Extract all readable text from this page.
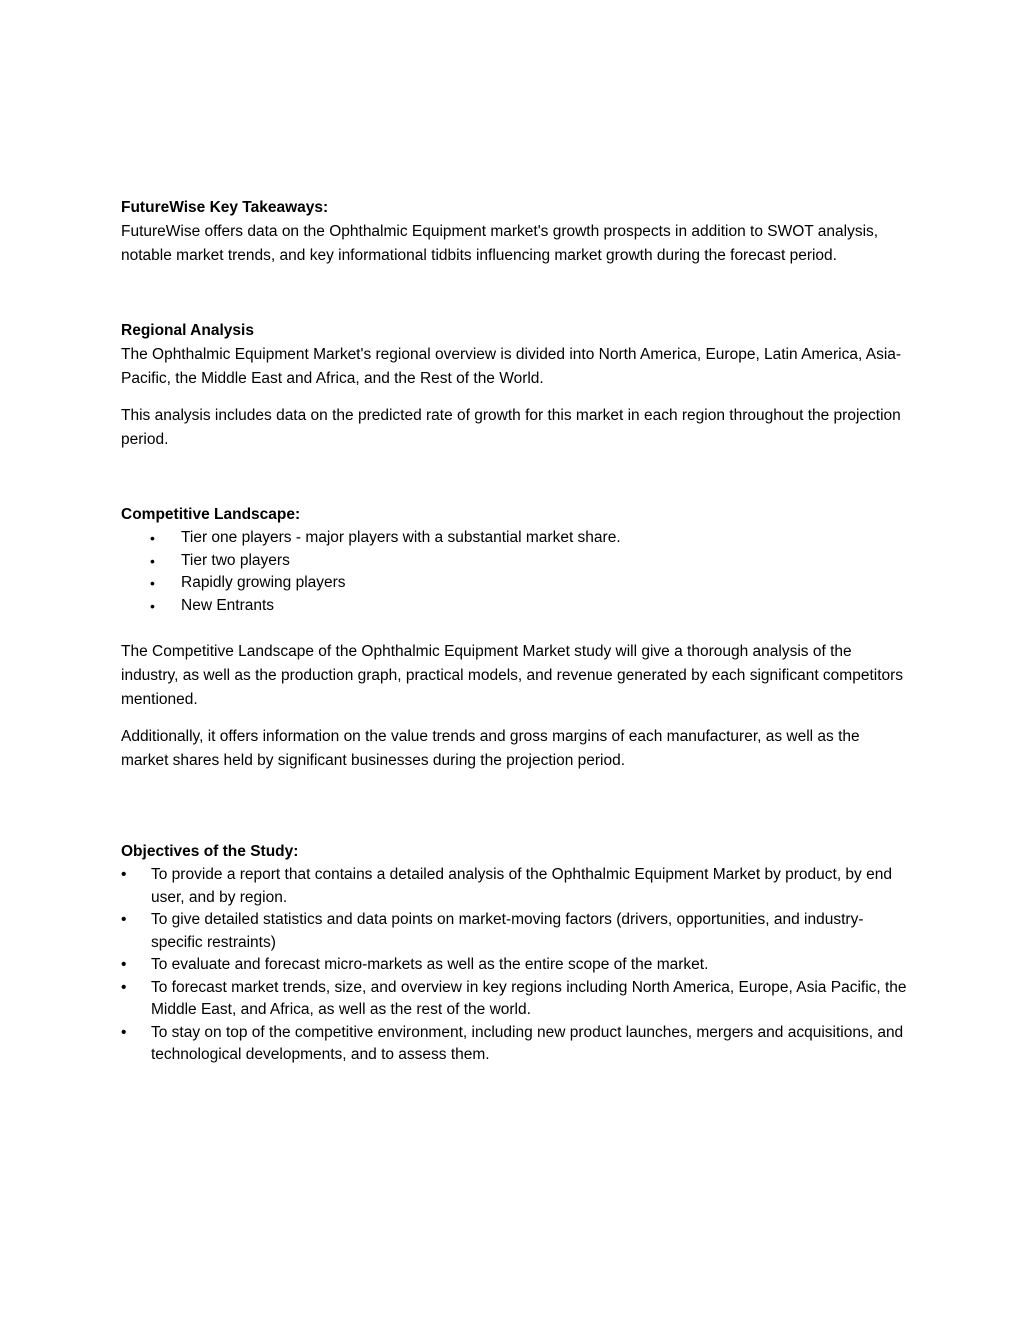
FutureWise Key Takeaways:

FutureWise offers data on the Ophthalmic Equipment market's growth prospects in addition to SWOT analysis, notable market trends, and key informational tidbits influencing market growth during the forecast period.

Regional Analysis

The Ophthalmic Equipment Market's regional overview is divided into North America, Europe, Latin America, Asia-Pacific, the Middle East and Africa, and the Rest of the World.

This analysis includes data on the predicted rate of growth for this market in each region throughout the projection period.

Competitive Landscape:
• Tier one players - major players with a substantial market share.
• Tier two players
• Rapidly growing players
• New Entrants

The Competitive Landscape of the Ophthalmic Equipment Market study will give a thorough analysis of the industry, as well as the production graph, practical models, and revenue generated by each significant competitors mentioned.

Additionally, it offers information on the value trends and gross margins of each manufacturer, as well as the market shares held by significant businesses during the projection period.

Objectives of the Study:
• To provide a report that contains a detailed analysis of the Ophthalmic Equipment Market by product, by end user, and by region.
• To give detailed statistics and data points on market-moving factors (drivers, opportunities, and industry-specific restraints)
• To evaluate and forecast micro-markets as well as the entire scope of the market.
• To forecast market trends, size, and overview in key regions including North America, Europe, Asia Pacific, the Middle East, and Africa, as well as the rest of the world.
• To stay on top of the competitive environment, including new product launches, mergers and acquisitions, and technological developments, and to assess them.
